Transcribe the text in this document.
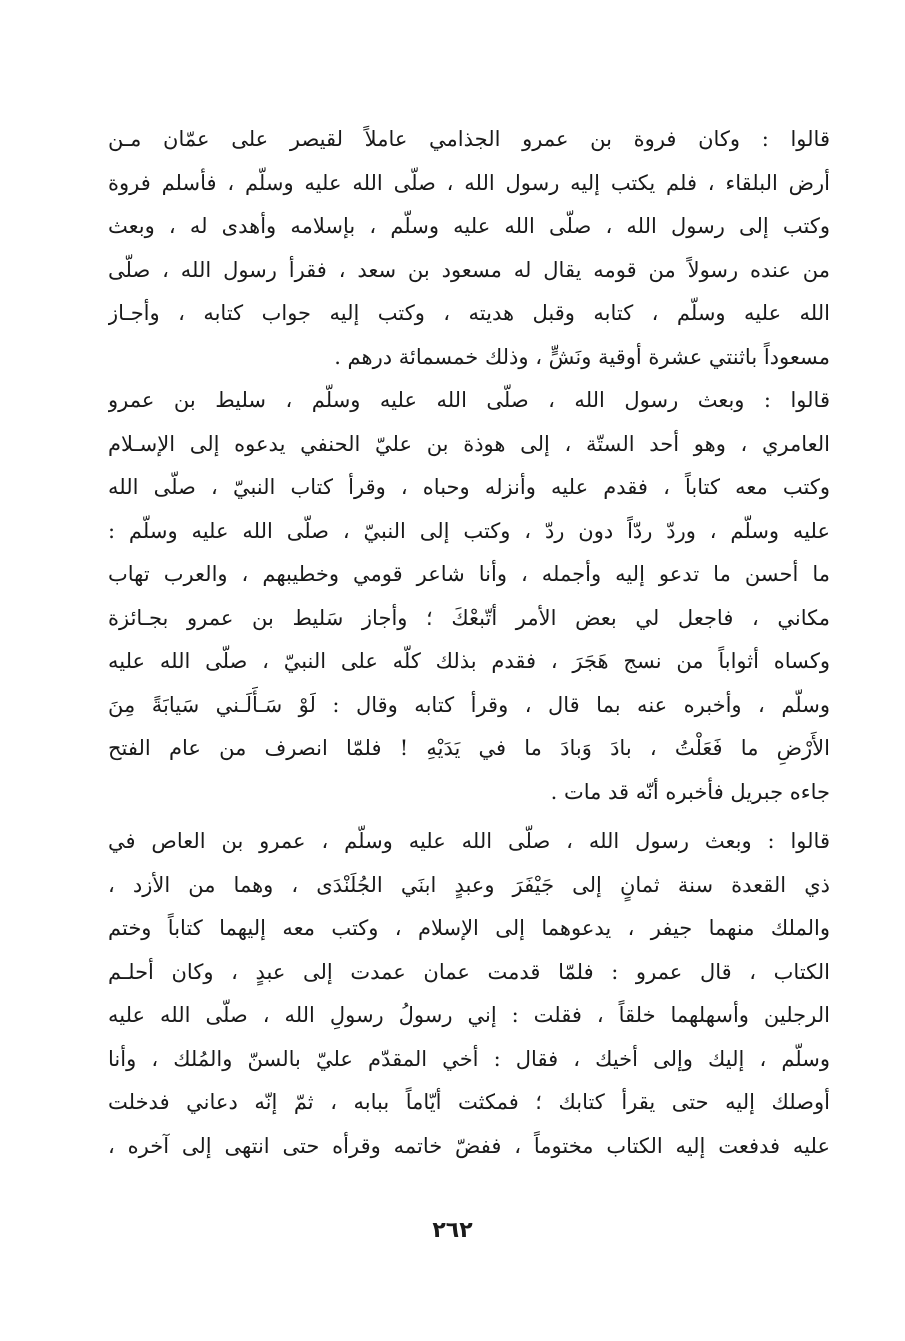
قالوا : وكان فروة بن عمرو الجذامي عاملاً لقيصر على عمّان مـن
أرض البلقاء ، فلم يكتب إليه رسول الله ، صلّى الله عليه وسلّم ، فأسلم فروة
وكتب إلى رسول الله ، صلّى الله عليه وسلّم ، بإسلامه وأهدى له ، وبعث
من عنده رسولاً من قومه يقال له مسعود بن سعد ، فقرأ رسول الله ، صلّى
الله عليه وسلّم ، كتابه وقبل هديته ، وكتب إليه جواب كتابه ، وأجـاز
مسعوداً باثنتي عشرة أوقية ونَشٍّ ، وذلك خمسمائة درهم .
قالوا : وبعث رسول الله ، صلّى الله عليه وسلّم ، سليط بن عمرو
العامري ، وهو أحد الستّة ، إلى هوذة بن عليّ الحنفي يدعوه إلى الإسـلام
وكتب معه كتاباً ، فقدم عليه وأنزله وحباه ، وقرأ كتاب النبيّ ، صلّى الله
عليه وسلّم ، وردّ ردّاً دون ردّ ، وكتب إلى النبيّ ، صلّى الله عليه وسلّم :
ما أحسن ما تدعو إليه وأجمله ، وأنا شاعر قومي وخطيبهم ، والعرب تهاب
مكاني ، فاجعل لي بعض الأمر أتّبعْكَ ؛ وأجاز سَليط بن عمرو بجـائزة
وكساه أثواباً من نسج هَجَرَ ، فقدم بذلك كلّه على النبيّ ، صلّى الله عليه
وسلّم ، وأخبره عنه بما قال ، وقرأ كتابه وقال : لَوْ سَـأَلَـني سَيابَةً مِنَ
الأَرْضِ ما فَعَلْتُ ، بادَ وَبادَ ما في يَدَيْهِ ! فلمّا انصرف من عام الفتح
جاءه جبريل فأخبره أنّه قد مات .
قالوا : وبعث رسول الله ، صلّى الله عليه وسلّم ، عمرو بن العاص في
ذي القعدة سنة ثمانٍ إلى جَيْفَرَ وعبدٍ ابنَي الجُلَنْدَى ، وهما من الأزد ،
والملك منهما جيفر ، يدعوهما إلى الإسلام ، وكتب معه إليهما كتاباً وختم
الكتاب ، قال عمرو : فلمّا قدمت عمان عمدت إلى عبدٍ ، وكان أحلـم
الرجلين وأسهلهما خلقاً ، فقلت : إني رسولُ رسولِ الله ، صلّى الله عليه
وسلّم ، إليك وإلى أخيك ، فقال : أخي المقدّم عليّ بالسنّ والمُلك ، وأنا
أوصلك إليه حتى يقرأ كتابك ؛ فمكثت أيّاماً ببابه ، ثمّ إنّه دعاني فدخلت
عليه فدفعت إليه الكتاب مختوماً ، ففضّ خاتمه وقرأه حتى انتهى إلى آخره ،
٢٦٢
